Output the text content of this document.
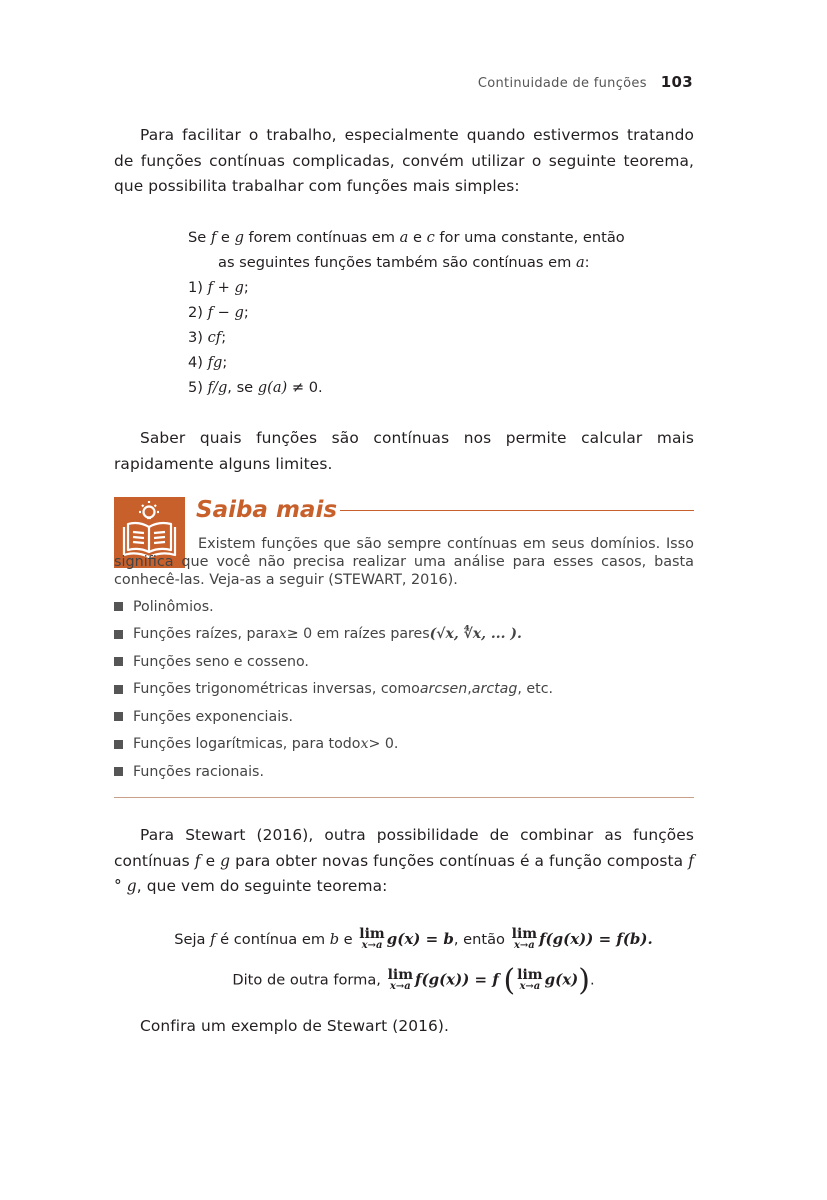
Continuidade de funções 103
Para facilitar o trabalho, especialmente quando estivermos tratando de funções contínuas complicadas, convém utilizar o seguinte teorema, que possibilita trabalhar com funções mais simples:
Se f e g forem contínuas em a e c for uma constante, então
as seguintes funções também são contínuas em a:
1) f + g;
2) f − g;
3) cf;
4) fg;
5) f/g, se g(a) ≠ 0.
Saber quais funções são contínuas nos permite calcular mais rapidamente alguns limites.
Saiba mais
Existem funções que são sempre contínuas em seus domínios. Isso significa que você não precisa realizar uma análise para esses casos, basta conhecê-las. Veja-as a seguir (STEWART, 2016).
Polinômios.
Funções raízes, para x ≥ 0 em raízes pares (√x, ∜x, ... ).
Funções seno e cosseno.
Funções trigonométricas inversas, como arcsen , arctag , etc.
Funções exponenciais.
Funções logarítmicas, para todo x > 0.
Funções racionais.
Para Stewart (2016), outra possibilidade de combinar as funções contínuas f e g para obter novas funções contínuas é a função composta f ° g, que vem do seguinte teorema:
Seja f é contínua em b e lim
x→a g(x) = b, então lim
x→a f(g(x)) = f(b).
Dito de outra forma, lim
x→a f(g(x)) = f ( lim
x→a g(x)).
Confira um exemplo de Stewart (2016).
